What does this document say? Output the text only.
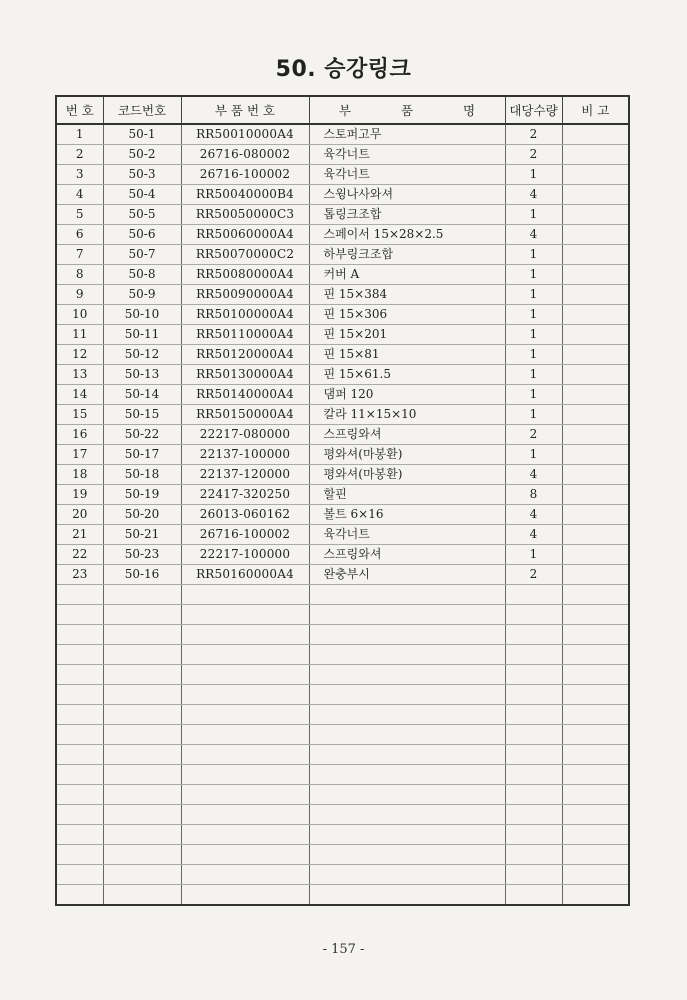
50. 승강링크
번 호	코드번호	부 품 번 호	부　　　　품　　　　명	대당수량	비 고
1	50-1	RR50010000A4	스토퍼고무	2	
2	50-2	26716-080002	육각너트	2	
3	50-3	26716-100002	육각너트	1	
4	50-4	RR50040000B4	스윙나사와셔	4	
5	50-5	RR50050000C3	톱링크조합	1	
6	50-6	RR50060000A4	스페이서 15×28×2.5	4	
7	50-7	RR50070000C2	하부링크조합	1	
8	50-8	RR50080000A4	커버 A	1	
9	50-9	RR50090000A4	핀 15×384	1	
10	50-10	RR50100000A4	핀 15×306	1	
11	50-11	RR50110000A4	핀 15×201	1	
12	50-12	RR50120000A4	핀 15×81	1	
13	50-13	RR50130000A4	핀 15×61.5	1	
14	50-14	RR50140000A4	댐퍼 120	1	
15	50-15	RR50150000A4	칼라 11×15×10	1	
16	50-22	22217-080000	스프링와셔	2	
17	50-17	22137-100000	평와셔(마봉환)	1	
18	50-18	22137-120000	평와셔(마봉환)	4	
19	50-19	22417-320250	할핀	8	
20	50-20	26013-060162	볼트 6×16	4	
21	50-21	26716-100002	육각너트	4	
22	50-23	22217-100000	스프링와셔	1	
23	50-16	RR50160000A4	완충부시	2	

- 157 -
